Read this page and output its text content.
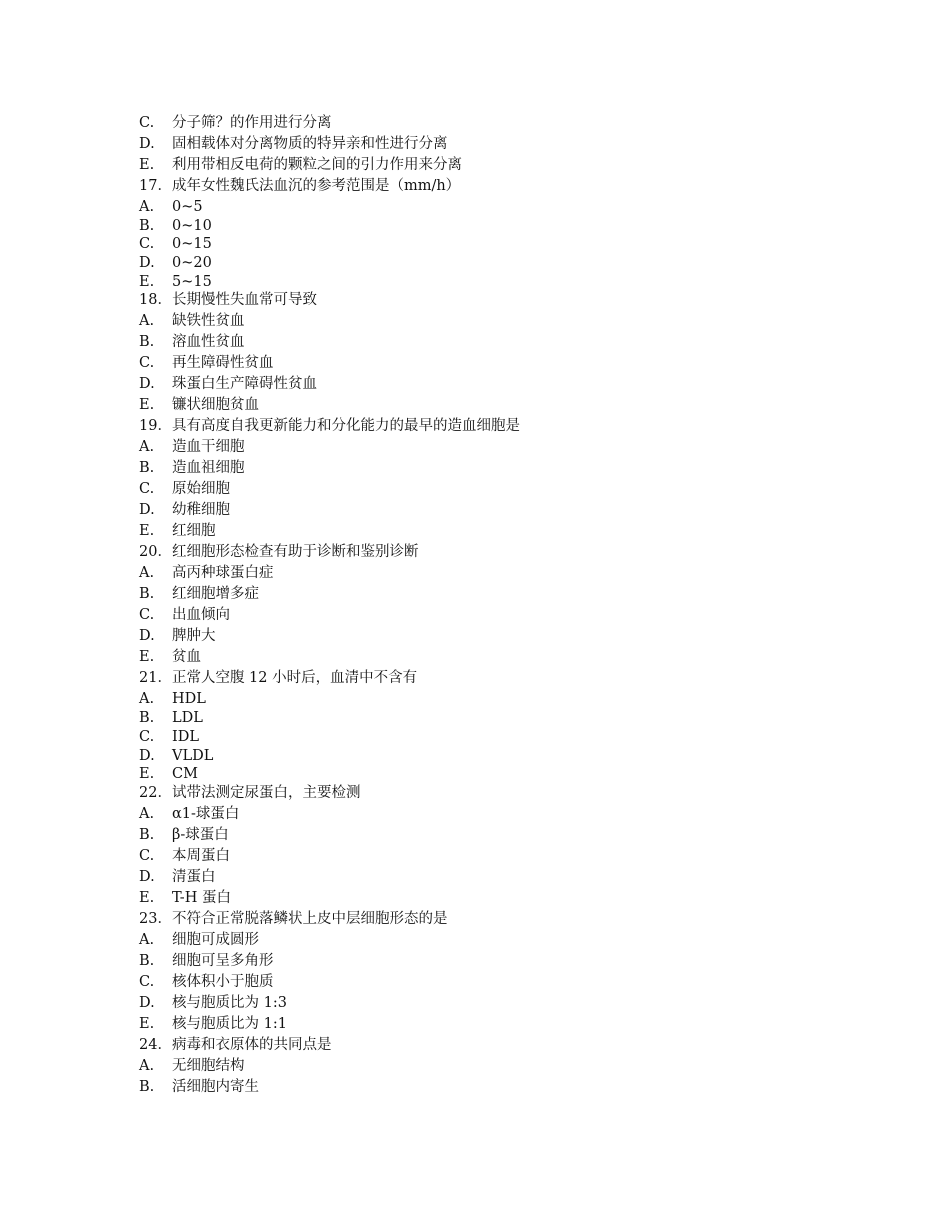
C.	分子筛？的作用进行分离
D.	固相载体对分离物质的特异亲和性进行分离
E.	利用带相反电荷的颗粒之间的引力作用来分离
17． 成年女性魏氏法血沉的参考范围是（mm/h）
A.	0~5
B.	0~10
C.	0~15
D.	0~20
E.	5~15
18． 长期慢性失血常可导致
A.	缺铁性贫血
B.	溶血性贫血
C.	再生障碍性贫血
D.	珠蛋白生产障碍性贫血
E.	镰状细胞贫血
19． 具有高度自我更新能力和分化能力的最早的造血细胞是
A.	造血干细胞
B.	造血祖细胞
C.	原始细胞
D.	幼稚细胞
E.	红细胞
20． 红细胞形态检查有助于诊断和鉴别诊断
A.	高丙种球蛋白症
B.	红细胞增多症
C.	出血倾向
D.	脾肿大
E.	贫血
21． 正常人空腹 12 小时后，血清中不含有
A.	HDL
B.	LDL
C.	IDL
D.	VLDL
E.	CM
22． 试带法测定尿蛋白，主要检测
A.	α1-球蛋白
B.	β-球蛋白
C.	本周蛋白
D.	清蛋白
E.	T-H 蛋白
23． 不符合正常脱落鳞状上皮中层细胞形态的是
A.	细胞可成圆形
B.	细胞可呈多角形
C.	核体积小于胞质
D.	核与胞质比为 1:3
E.	核与胞质比为 1:1
24． 病毒和衣原体的共同点是
A.	无细胞结构
B.	活细胞内寄生
